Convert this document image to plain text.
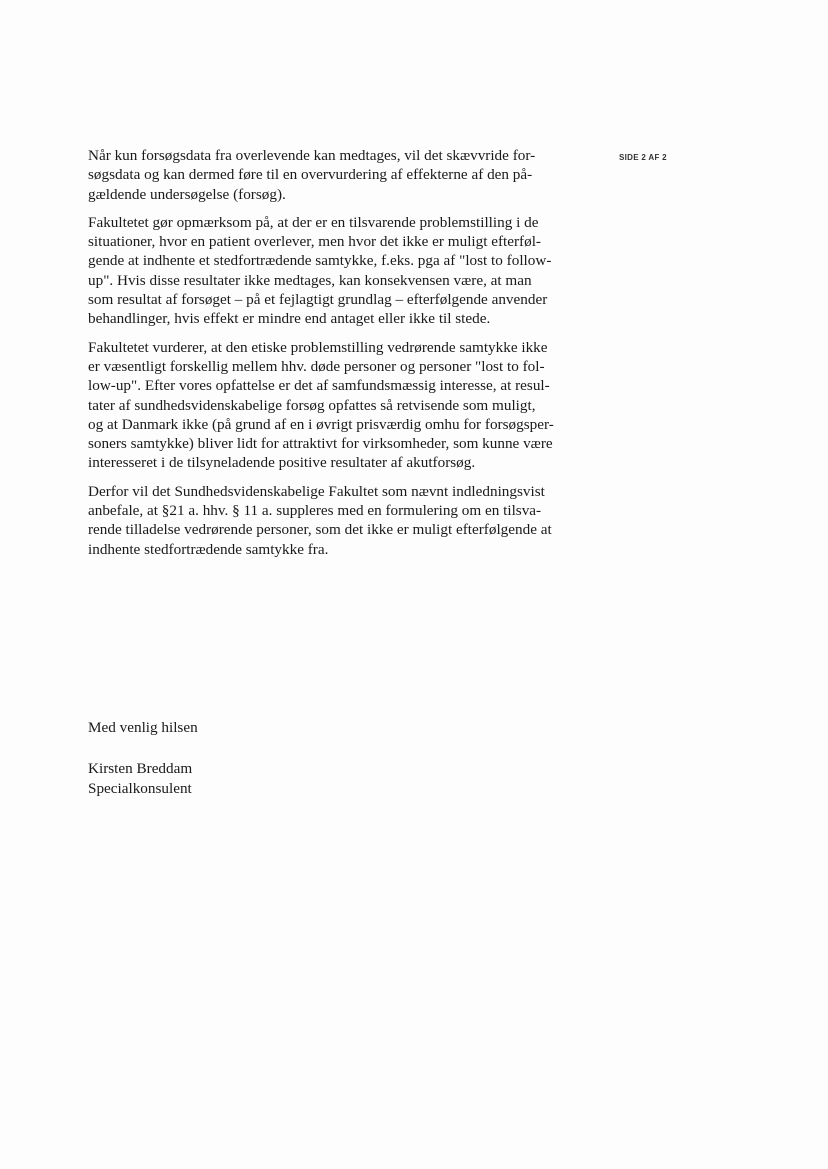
SIDE 2 AF 2

Når kun forsøgsdata fra overlevende kan medtages, vil det skævvride for-
søgsdata og kan dermed føre til en overvurdering af effekterne af den på-
gældende undersøgelse (forsøg).

Fakultetet gør opmærksom på, at der er en tilsvarende problemstilling i de
situationer, hvor en patient overlever, men hvor det ikke er muligt efterføl-
gende at indhente et stedfortrædende samtykke, f.eks. pga af "lost to follow-
up". Hvis disse resultater ikke medtages, kan konsekvensen være, at man
som resultat af forsøget – på et fejlagtigt grundlag – efterfølgende anvender
behandlinger, hvis effekt er mindre end antaget eller ikke til stede.

Fakultetet vurderer, at den etiske problemstilling vedrørende samtykke ikke
er væsentligt forskellig mellem hhv. døde personer og personer "lost to fol-
low-up". Efter vores opfattelse er det af samfundsmæssig interesse, at resul-
tater af sundhedsvidenskabelige forsøg opfattes så retvisende som muligt,
og at Danmark ikke (på grund af en i øvrigt prisværdig omhu for forsøgsper-
soners samtykke) bliver lidt for attraktivt for virksomheder, som kunne være
interesseret i de tilsyneladende positive resultater af akutforsøg.

Derfor vil det Sundhedsvidenskabelige Fakultet som nævnt indledningsvist
anbefale, at §21 a. hhv. § 11 a. suppleres med en formulering om en tilsva-
rende tilladelse vedrørende personer, som det ikke er muligt efterfølgende at
indhente stedfortrædende samtykke fra.

Med venlig hilsen
Kirsten Breddam
Specialkonsulent
